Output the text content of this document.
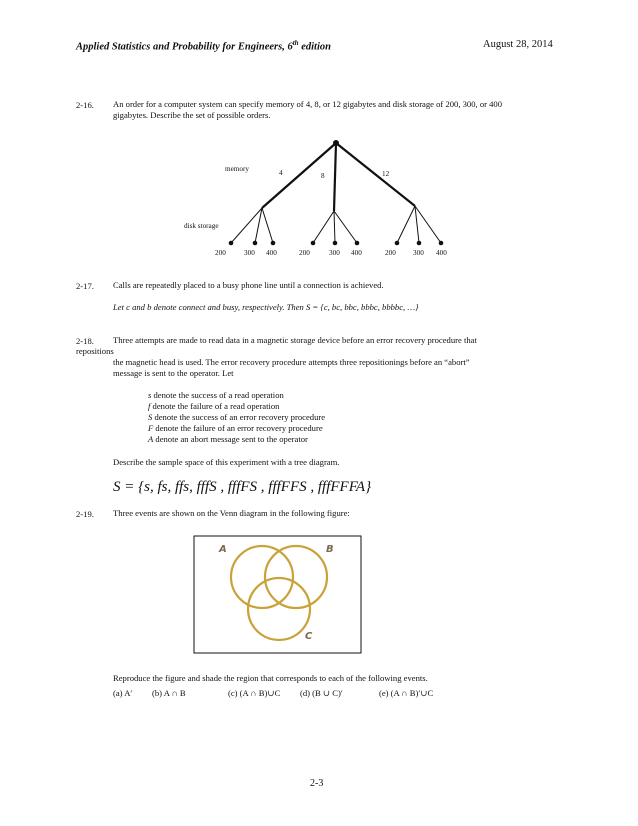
Applied Statistics and Probability for Engineers, 6th edition	August 28, 2014
2-16. An order for a computer system can specify memory of 4, 8, or 12 gigabytes and disk storage of 200, 300, or 400
gigabytes. Describe the set of possible orders.
memory
disk storage
4	8	12
200	300 400	200	300 400	200 300 400
2-17. Calls are repeatedly placed to a busy phone line until a connection is achieved.
Let c and b denote connect and busy, respectively. Then S = {c, bc, bbc, bbbc, bbbbc, …}
2-18. Three attempts are made to read data in a magnetic storage device before an error recovery procedure that
repositions
the magnetic head is used. The error recovery procedure attempts three repositionings before an “abort”
message is sent to the operator. Let
s denote the success of a read operation
f denote the failure of a read operation
S denote the success of an error recovery procedure
F denote the failure of an error recovery procedure
A denote an abort message sent to the operator
Describe the sample space of this experiment with a tree diagram.
S = {s, fs, ffs, fffS , fffFS , fffFFS , fffFFFA}
2-19. Three events are shown on the Venn diagram in the following figure:
A	B
C
Reproduce the figure and shade the region that corresponds to each of the following events.
(a) A′ (b) A ∩ B	(c) (A ∩ B)∪C (d) (B ∪ C)′	(e) (A ∩ B)′∪C
2-3
